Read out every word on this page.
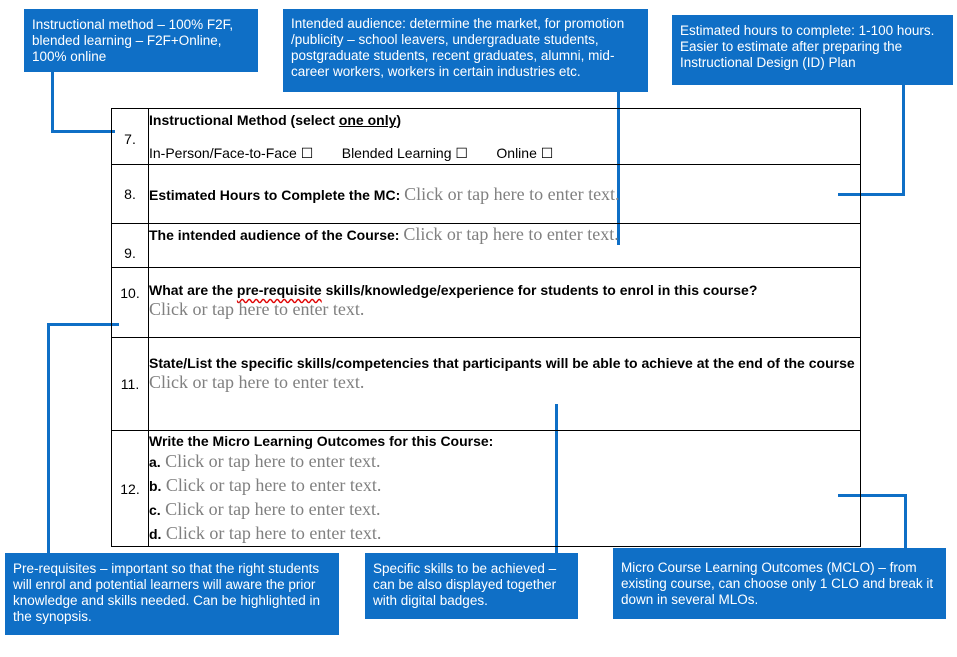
Instructional method – 100% F2F, blended learning – F2F+Online, 100% online
Intended audience: determine the market, for promotion /publicity – school leavers, undergraduate students, postgraduate students, recent graduates, alumni, mid-career workers, workers in certain industries etc.
Estimated hours to complete: 1-100 hours. Easier to estimate after preparing the Instructional Design (ID) Plan
Pre-requisites – important so that the right students will enrol and potential learners will aware the prior knowledge and skills needed. Can be highlighted in the synopsis.
Specific skills to be achieved – can be also displayed together with digital badges.
Micro Course Learning Outcomes (MCLO) – from existing course, can choose only 1 CLO and break it down in several MLOs.
7.	Instructional Method (select one only)
In-Person/Face-to-Face ☐ Blended Learning ☐ Online ☐

8.	Estimated Hours to Complete the MC: Click or tap here to enter text.
9.	The intended audience of the Course: Click or tap here to enter text.
10.	What are the pre-requisite skills/knowledge/experience for students to enrol in this course?
Click or tap here to enter text.

11.	State/List the specific skills/competencies that participants will be able to achieve at the end of the course
Click or tap here to enter text.

12.	Write the Micro Learning Outcomes for this Course:
a. Click or tap here to enter text.
b. Click or tap here to enter text.
c. Click or tap here to enter text.
d. Click or tap here to enter text.
